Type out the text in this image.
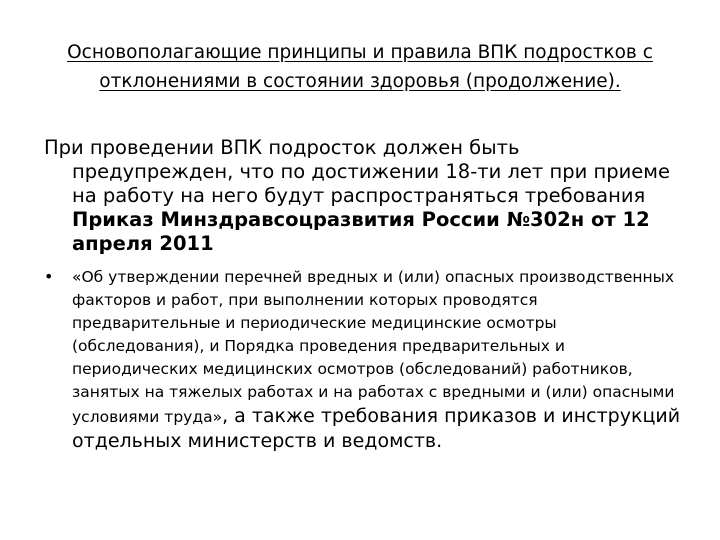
Основополагающие принципы и правила ВПК подростков с отклонениями в состоянии здоровья (продолжение).
При проведении ВПК подросток должен быть предупрежден, что по достижении 18-ти лет при приеме на работу на него будут распространяться требования Приказ Минздравсоцразвития России №302н от 12 апреля 2011
• «Об утверждении перечней вредных и (или) опасных производственных факторов и работ, при выполнении которых проводятся предварительные и периодические медицинские осмотры (обследования), и Порядка проведения предварительных и периодических медицинских осмотров (обследований) работников, занятых на тяжелых работах и на работах с вредными и (или) опасными условиями труда», а также требования приказов и инструкций отдельных министерств и ведомств.
